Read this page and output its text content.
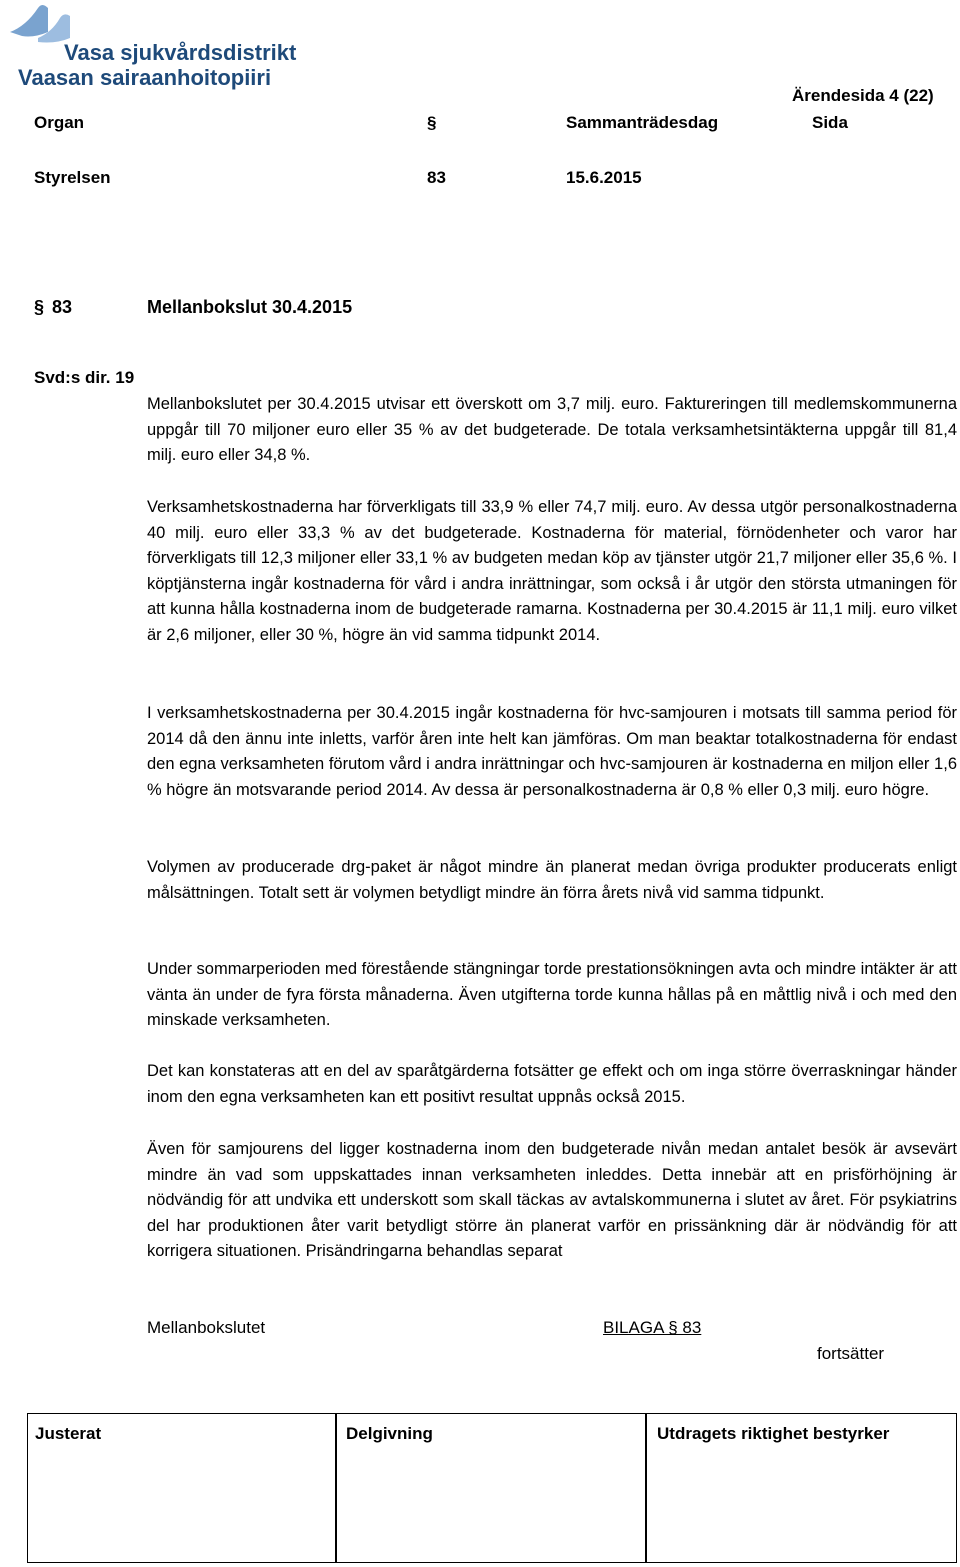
Vasa sjukvårdsdistrikt
Vaasan sairaanhoitopiiri
Ärendesida 4 (22)
Organ	§	Sammanträdesdag	Sida
Styrelsen	83	15.6.2015
§ 83	Mellanbokslut 30.4.2015
Svd:s dir. 19

Mellanbokslutet per 30.4.2015 utvisar ett överskott om 3,7 milj. euro. Faktureringen till medlemskommunerna uppgår till 70 miljoner euro eller 35 % av det budgeterade. De totala verksamhetsintäkterna uppgår till 81,4 milj. euro eller 34,8 %.

Verksamhetskostnaderna har förverkligats till 33,9 % eller 74,7 milj. euro. Av dessa utgör personalkostnaderna 40 milj. euro eller 33,3 % av det budgeterade. Kostnaderna för material, förnödenheter och varor har förverkligats till 12,3 miljoner eller 33,1 % av budgeten medan köp av tjänster utgör 21,7 miljoner eller 35,6 %. I köptjänsterna ingår kostnaderna för vård i andra inrättningar, som också i år utgör den största utmaningen för att kunna hålla kostnaderna inom de budgeterade ramarna. Kostnaderna per 30.4.2015 är 11,1 milj. euro vilket är 2,6 miljoner, eller 30 %, högre än vid samma tidpunkt 2014.

I verksamhetskostnaderna per 30.4.2015 ingår kostnaderna för hvc-samjouren i motsats till samma period för 2014 då den ännu inte inletts, varför åren inte helt kan jämföras. Om man beaktar totalkostnaderna för endast den egna verksamheten förutom vård i andra inrättningar och hvc-samjouren är kostnaderna en miljon eller 1,6 % högre än motsvarande period 2014. Av dessa är personalkostnaderna är 0,8 % eller 0,3 milj. euro högre.

Volymen av producerade drg-paket är något mindre än planerat medan övriga produkter producerats enligt målsättningen. Totalt sett är volymen betydligt mindre än förra årets nivå vid samma tidpunkt.

Under sommarperioden med förestående stängningar torde prestationsökningen avta och mindre intäkter är att vänta än under de fyra första månaderna. Även utgifterna torde kunna hållas på en måttlig nivå i och med den minskade verksamheten.

Det kan konstateras att en del av sparåtgärderna fotsätter ge effekt och om inga större överraskningar händer inom den egna verksamheten kan ett positivt resultat uppnås också 2015.

Även för samjourens del ligger kostnaderna inom den budgeterade nivån medan antalet besök är avsevärt mindre än vad som uppskattades innan verksamheten inleddes. Detta innebär att en prisförhöjning är nödvändig för att undvika ett underskott som skall täckas av avtalskommunerna i slutet av året. För psykiatrins del har produktionen åter varit betydligt större än planerat varför en prissänkning där är nödvändig för att korrigera situationen. Prisändringarna behandlas separat

Mellanbokslutet	BILAGA § 83
fortsätter
Justerat	Delgivning	Utdragets riktighet bestyrker
